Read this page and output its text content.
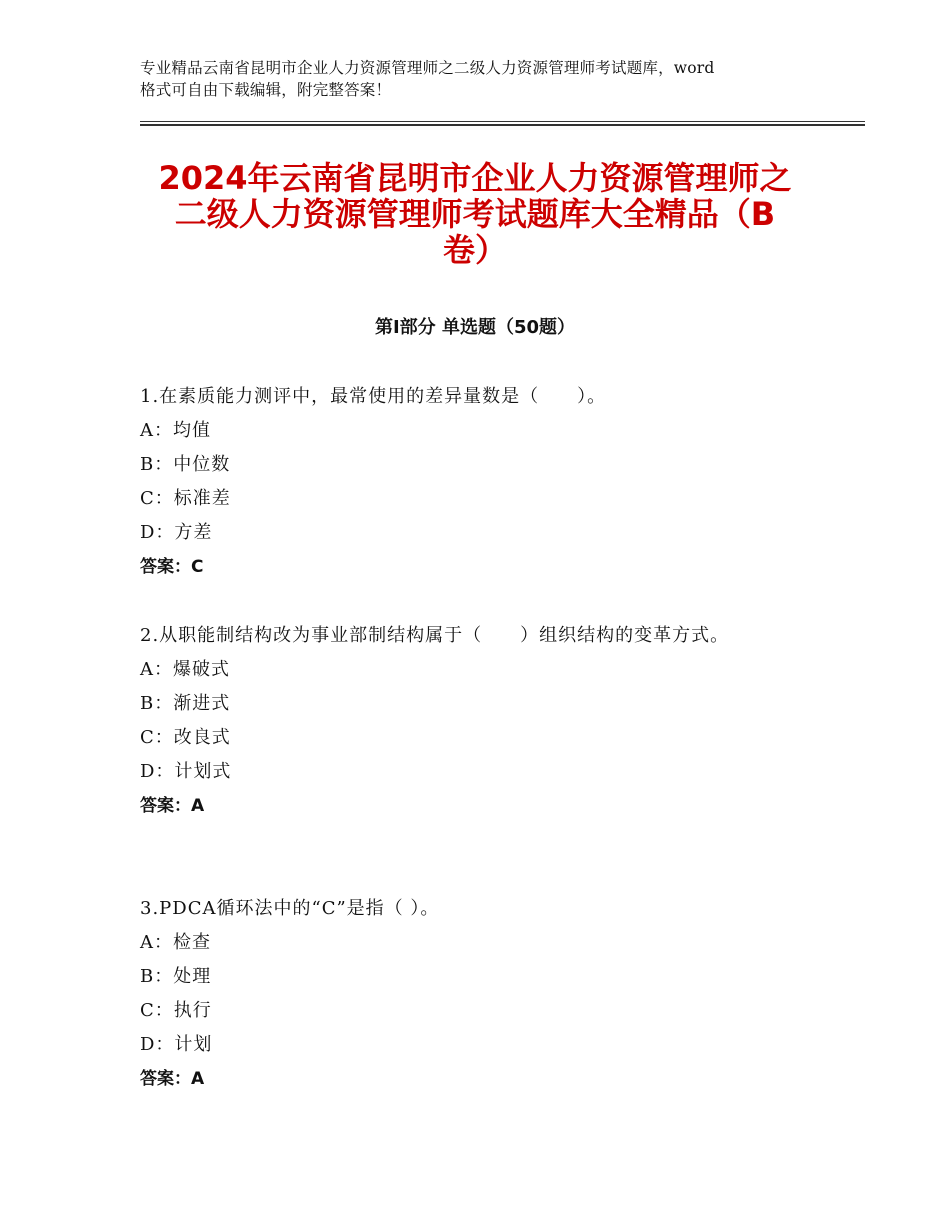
专业精品云南省昆明市企业人力资源管理师之二级人力资源管理师考试题库，word
格式可自由下载编辑，附完整答案！
2024年云南省昆明市企业人力资源管理师之
二级人力资源管理师考试题库大全精品（B
卷）
第Ⅰ部分 单选题（50题）
1.在素质能力测评中，最常使用的差异量数是（　　）。
A：均值
B：中位数
C：标准差
D：方差
答案：C
2.从职能制结构改为事业部制结构属于（　　）组织结构的变革方式。
A：爆破式
B：渐进式
C：改良式
D：计划式
答案：A
3.PDCA循环法中的“C”是指（ ）。
A：检查
B：处理
C：执行
D：计划
答案：A
